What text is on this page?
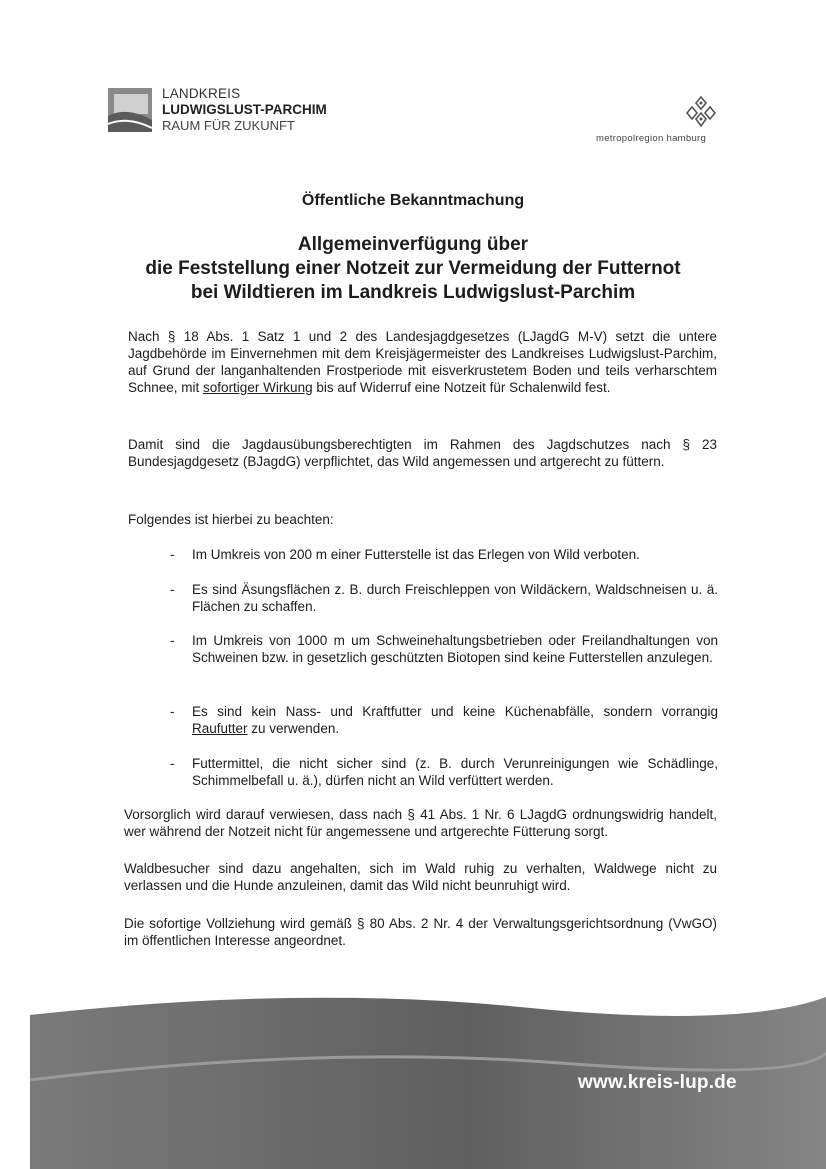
LANDKREIS
LUDWIGSLUST-PARCHIM
RAUM FÜR ZUKUNFT
metropolregion hamburg
Öffentliche Bekanntmachung
Allgemeinverfügung über
die Feststellung einer Notzeit zur Vermeidung der Futternot
bei Wildtieren im Landkreis Ludwigslust-Parchim
Nach § 18 Abs. 1 Satz 1 und 2 des Landesjagdgesetzes (LJagdG M-V) setzt die untere Jagdbehörde im Einvernehmen mit dem Kreisjägermeister des Landkreises Ludwigslust-Parchim, auf Grund der langanhaltenden Frostperiode mit eisverkrustetem Boden und teils verharschtem Schnee, mit sofortiger Wirkung bis auf Widerruf eine Notzeit für Schalenwild fest.
Damit sind die Jagdausübungsberechtigten im Rahmen des Jagdschutzes nach § 23 Bundesjagdgesetz (BJagdG) verpflichtet, das Wild angemessen und artgerecht zu füttern.
Folgendes ist hierbei zu beachten:
-	Im Umkreis von 200 m einer Futterstelle ist das Erlegen von Wild verboten.
-	Es sind Äsungsflächen z. B. durch Freischleppen von Wildäckern, Waldschneisen u. ä. Flächen zu schaffen.
-	Im Umkreis von 1000 m um Schweinehaltungsbetrieben oder Freilandhaltungen von Schweinen bzw. in gesetzlich geschützten Biotopen sind keine Futterstellen anzulegen.
-	Es sind kein Nass- und Kraftfutter und keine Küchenabfälle, sondern vorrangig Raufutter zu verwenden.
-	Futtermittel, die nicht sicher sind (z. B. durch Verunreinigungen wie Schädlinge, Schimmelbefall u. ä.), dürfen nicht an Wild verfüttert werden.
Vorsorglich wird darauf verwiesen, dass nach § 41 Abs. 1 Nr. 6 LJagdG ordnungswidrig handelt, wer während der Notzeit nicht für angemessene und artgerechte Fütterung sorgt.
Waldbesucher sind dazu angehalten, sich im Wald ruhig zu verhalten, Waldwege nicht zu verlassen und die Hunde anzuleinen, damit das Wild nicht beunruhigt wird.
Die sofortige Vollziehung wird gemäß § 80 Abs. 2 Nr. 4 der Verwaltungsgerichtsordnung (VwGO) im öffentlichen Interesse angeordnet.
www.kreis-lup.de
